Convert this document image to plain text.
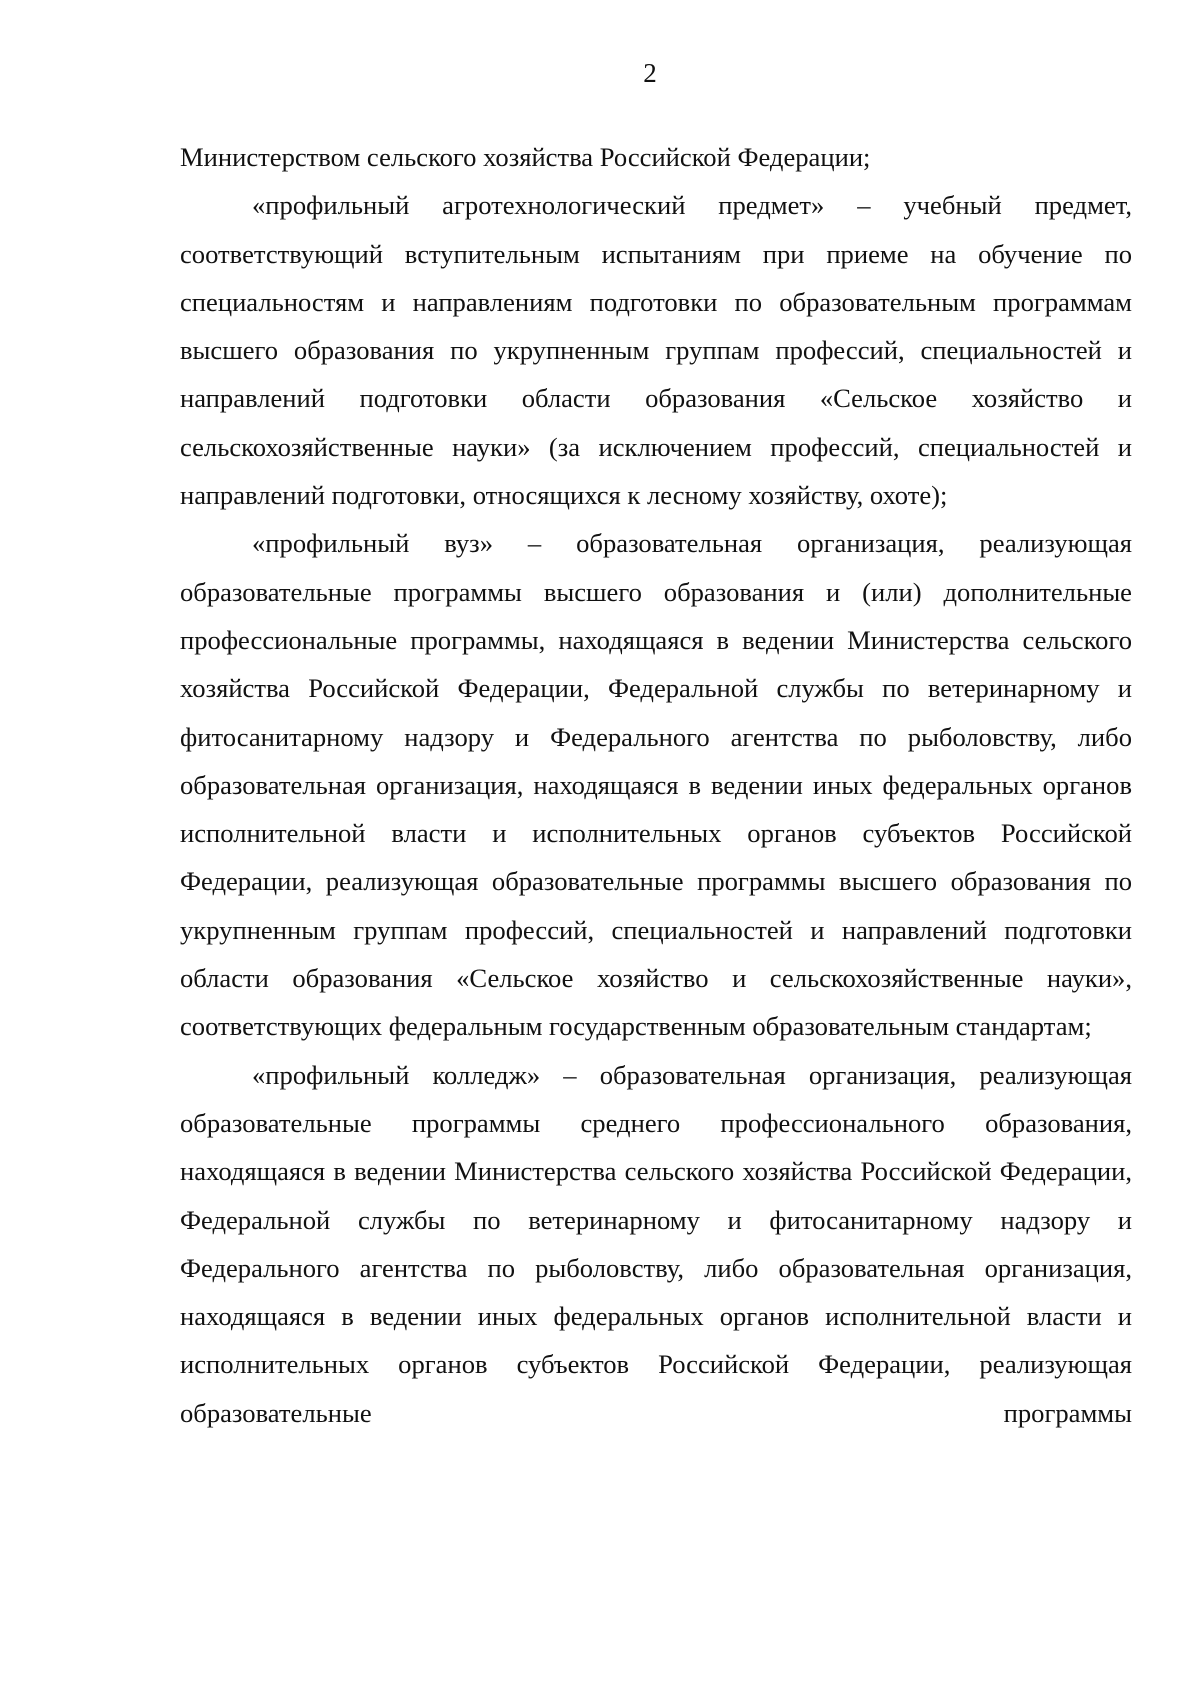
2

Министерством сельского хозяйства Российской Федерации;

«профильный агротехнологический предмет» – учебный предмет, соответствующий вступительным испытаниям при приеме на обучение по специальностям и направлениям подготовки по образовательным программам высшего образования по укрупненным группам профессий, специальностей и направлений подготовки области образования «Сельское хозяйство и сельскохозяйственные науки» (за исключением профессий, специальностей и направлений подготовки, относящихся к лесному хозяйству, охоте);

«профильный вуз» – образовательная организация, реализующая образовательные программы высшего образования и (или) дополнительные профессиональные программы, находящаяся в ведении Министерства сельского хозяйства Российской Федерации, Федеральной службы по ветеринарному и фитосанитарному надзору и Федерального агентства по рыболовству, либо образовательная организация, находящаяся в ведении иных федеральных органов исполнительной власти и исполнительных органов субъектов Российской Федерации, реализующая образовательные программы высшего образования по укрупненным группам профессий, специальностей и направлений подготовки области образования «Сельское хозяйство и сельскохозяйственные науки», соответствующих федеральным государственным образовательным стандартам;

«профильный колледж» – образовательная организация, реализующая образовательные программы среднего профессионального образования, находящаяся в ведении Министерства сельского хозяйства Российской Федерации, Федеральной службы по ветеринарному и фитосанитарному надзору и Федерального агентства по рыболовству, либо образовательная организация, находящаяся в ведении иных федеральных органов исполнительной власти и исполнительных органов субъектов Российской Федерации, реализующая образовательные программы
